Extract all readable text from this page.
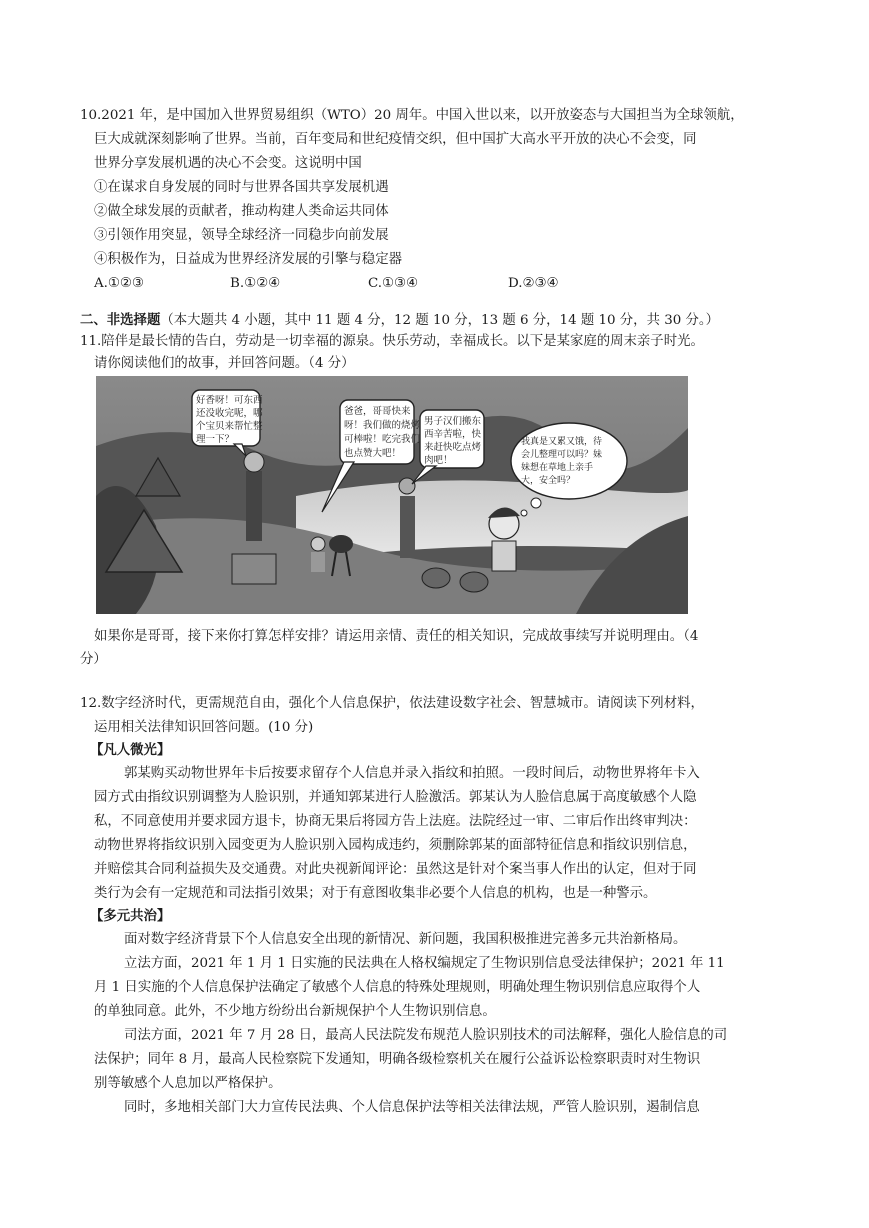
10.2021 年，是中国加入世界贸易组织（WTO）20 周年。中国入世以来，以开放姿态与大国担当为全球领航，
巨大成就深刻影响了世界。当前，百年变局和世纪疫情交织，但中国扩大高水平开放的决心不会变，同
世界分享发展机遇的决心不会变。这说明中国
①在谋求自身发展的同时与世界各国共享发展机遇
②做全球发展的贡献者，推动构建人类命运共同体
③引领作用突显，领导全球经济一同稳步向前发展
④积极作为，日益成为世界经济发展的引擎与稳定器
A.①②③	B.①②④	C.①③④	D.②③④
二、非选择题（本大题共 4 小题，其中 11 题 4 分，12 题 10 分，13 题 6 分，14 题 10 分，共 30 分。）
11.陪伴是最长情的告白，劳动是一切幸福的源泉。快乐劳动，幸福成长。以下是某家庭的周末亲子时光。
请你阅读他们的故事，并回答问题。（4 分）
好香呀！可东西
还没收完呢，哪
个宝贝来帮忙整
理一下？
爸爸，哥哥快来
呀！我们做的烧烤
可棒啦！吃完我们
也点赞大吧！
男子汉们搬东
西辛苦啦，快
来赶快吃点烤
肉吧！
我真是又累又饿，待
会儿整理可以吗？妹
妹想在草地上亲手
大，安全吗？
如果你是哥哥，接下来你打算怎样安排？请运用亲情、责任的相关知识，完成故事续写并说明理由。（4
分）
12.数字经济时代，更需规范自由，强化个人信息保护，依法建设数字社会、智慧城市。请阅读下列材料，
运用相关法律知识回答问题。(10 分)
【凡人微光】
郭某购买动物世界年卡后按要求留存个人信息并录入指纹和拍照。一段时间后，动物世界将年卡入
园方式由指纹识别调整为人脸识别，并通知郭某进行人脸激活。郭某认为人脸信息属于高度敏感个人隐
私，不同意使用并要求园方退卡，协商无果后将园方告上法庭。法院经过一审、二审后作出终审判决：
动物世界将指纹识别入园变更为人脸识别入园构成违约，须删除郭某的面部特征信息和指纹识别信息，
并赔偿其合同利益损失及交通费。对此央视新闻评论：虽然这是针对个案当事人作出的认定，但对于同
类行为会有一定规范和司法指引效果；对于有意图收集非必要个人信息的机构，也是一种警示。
【多元共治】
面对数字经济背景下个人信息安全出现的新情况、新问题，我国积极推进完善多元共治新格局。
立法方面，2021 年 1 月 1 日实施的民法典在人格权编规定了生物识别信息受法律保护；2021 年 11
月 1 日实施的个人信息保护法确定了敏感个人信息的特殊处理规则，明确处理生物识别信息应取得个人
的单独同意。此外，不少地方纷纷出台新规保护个人生物识别信息。
司法方面，2021 年 7 月 28 日，最高人民法院发布规范人脸识别技术的司法解释，强化人脸信息的司
法保护；同年 8 月，最高人民检察院下发通知，明确各级检察机关在履行公益诉讼检察职责时对生物识
别等敏感个人息加以严格保护。
同时，多地相关部门大力宣传民法典、个人信息保护法等相关法律法规，严管人脸识别，遏制信息
